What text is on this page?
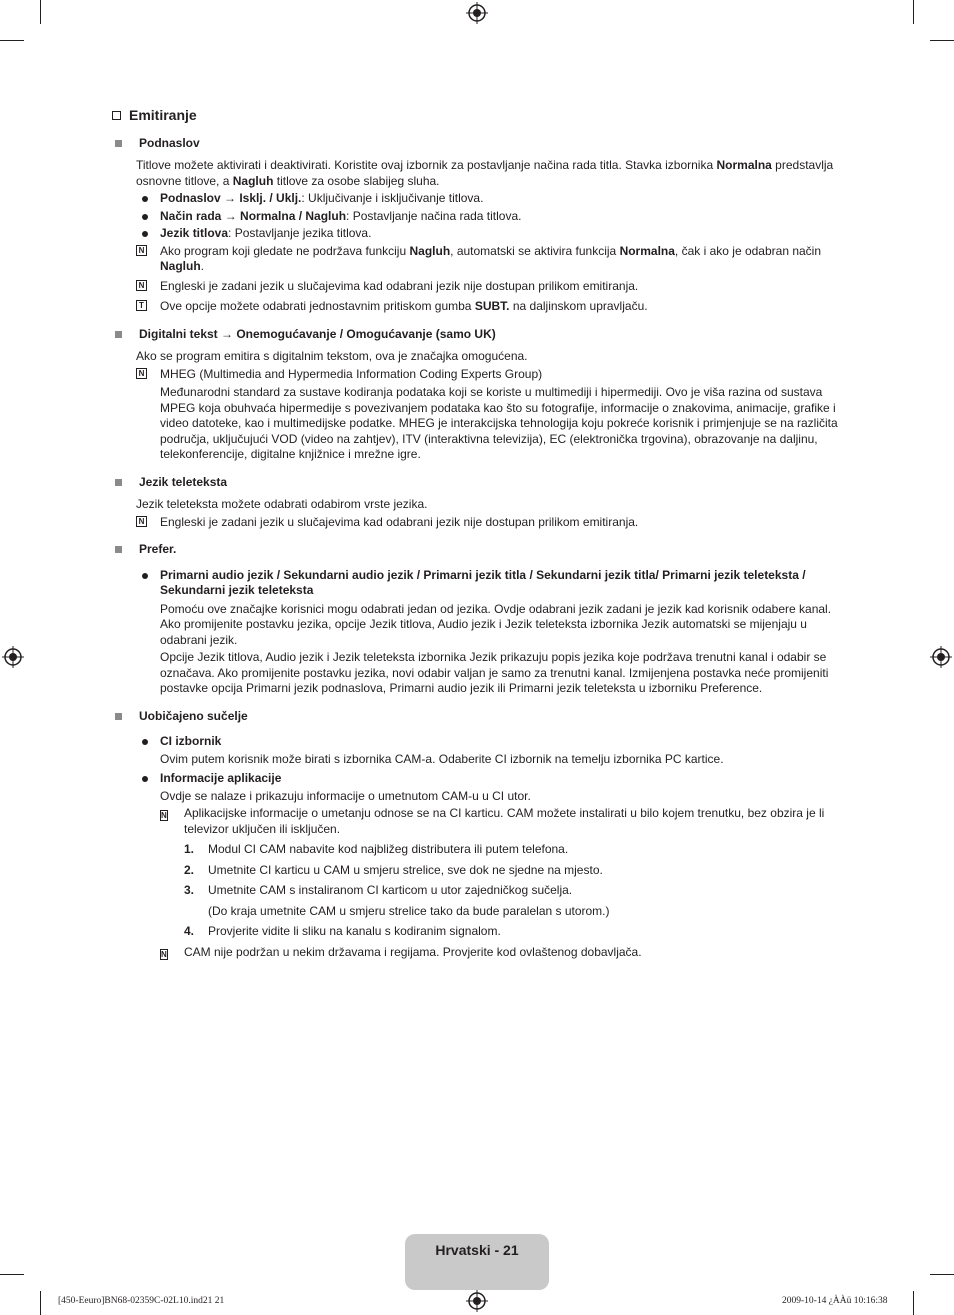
Emitiranje
Podnaslov
Titlove možete aktivirati i deaktivirati. Koristite ovaj izbornik za postavljanje načina rada titla. Stavka izbornika Normalna predstavlja osnovne titlove, a Nagluh titlove za osobe slabijeg sluha.
Podnaslov → Isklj. / Uklj.: Uključivanje i isključivanje titlova.
Način rada → Normalna / Nagluh: Postavljanje načina rada titlova.
Jezik titlova: Postavljanje jezika titlova.
N Ako program koji gledate ne podržava funkciju Nagluh, automatski se aktivira funkcija Normalna, čak i ako je odabran način Nagluh.
N Engleski je zadani jezik u slučajevima kad odabrani jezik nije dostupan prilikom emitiranja.
T Ove opcije možete odabrati jednostavnim pritiskom gumba SUBT. na daljinskom upravljaču.
Digitalni tekst → Onemogućavanje / Omogućavanje (samo UK)
Ako se program emitira s digitalnim tekstom, ova je značajka omogućena.
N MHEG (Multimedia and Hypermedia Information Coding Experts Group)
Međunarodni standard za sustave kodiranja podataka koji se koriste u multimediji i hipermediji. Ovo je viša razina od sustava MPEG koja obuhvaća hipermedije s povezivanjem podataka kao što su fotografije, informacije o znakovima, animacije, grafike i video datoteke, kao i multimedijske podatke. MHEG je interakcijska tehnologija koju pokreće korisnik i primjenjuje se na različita područja, uključujući VOD (video na zahtjev), ITV (interaktivna televizija), EC (elektronička trgovina), obrazovanje na daljinu, telekonferencije, digitalne knjižnice i mrežne igre.
Jezik teleteksta
Jezik teleteksta možete odabrati odabirom vrste jezika.
N Engleski je zadani jezik u slučajevima kad odabrani jezik nije dostupan prilikom emitiranja.
Prefer.
Primarni audio jezik / Sekundarni audio jezik / Primarni jezik titla / Sekundarni jezik titla/ Primarni jezik teleteksta / Sekundarni jezik teleteksta
Pomoću ove značajke korisnici mogu odabrati jedan od jezika. Ovdje odabrani jezik zadani je jezik kad korisnik odabere kanal. Ako promijenite postavku jezika, opcije Jezik titlova, Audio jezik i Jezik teleteksta izbornika Jezik automatski se mijenjaju u odabrani jezik.
Opcije Jezik titlova, Audio jezik i Jezik teleteksta izbornika Jezik prikazuju popis jezika koje podržava trenutni kanal i odabir se označava. Ako promijenite postavku jezika, novi odabir valjan je samo za trenutni kanal. Izmijenjena postavka neće promijeniti postavke opcija Primarni jezik podnaslova, Primarni audio jezik ili Primarni jezik teleteksta u izborniku Preference.
Uobičajeno sučelje
CI izbornik
Ovim putem korisnik može birati s izbornika CAM-a. Odaberite CI izbornik na temelju izbornika PC kartice.
Informacije aplikacije
Ovdje se nalaze i prikazuju informacije o umetnutom CAM-u u CI utor.
N	Aplikacijske informacije o umetanju odnose se na CI karticu. CAM možete instalirati u bilo kojem trenutku, bez obzira je li televizor uključen ili isključen.
1.	Modul CI CAM nabavite kod najbližeg distributera ili putem telefona.
2.	Umetnite CI karticu u CAM u smjeru strelice, sve dok ne sjedne na mjesto.
3.	Umetnite CAM s instaliranom CI karticom u utor zajedničkog sučelja.
(Do kraja umetnite CAM u smjeru strelice tako da bude paralelan s utorom.)
4.	Provjerite vidite li sliku na kanalu s kodiranim signalom.
N	CAM nije podržan u nekim državama i regijama. Provjerite kod ovlaštenog dobavljača.
Hrvatski - 21
[450-Eeuro]BN68-02359C-02L10.ind21 21	2009-10-14 ¿ÀÀü 10:16:38
